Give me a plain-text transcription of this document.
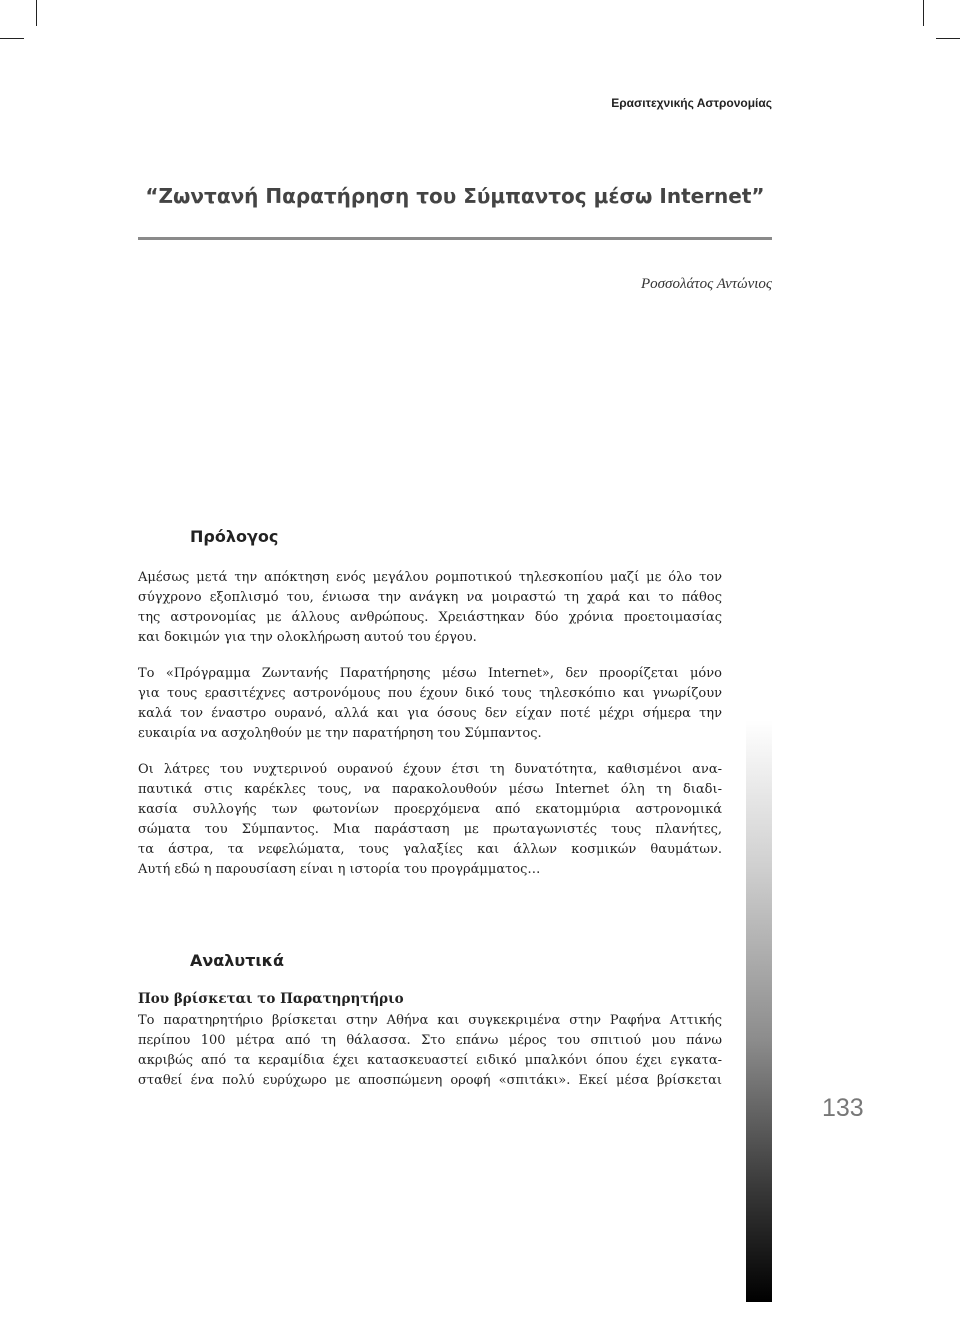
Ερασιτεχνικής Αστρονομίας
“Ζωντανή Παρατήρηση του Σύμπαντος μέσω Internet”
Ροσσολάτος Αντώνιος
Πρόλογος
Αμέσως μετά την απόκτηση ενός μεγάλου ρομποτικού τηλεσκοπίου μαζί με όλο τον
σύγχρονο εξοπλισμό του, ένιωσα την ανάγκη να μοιραστώ τη χαρά και το πάθος
της αστρονομίας με άλλους ανθρώπους. Χρειάστηκαν δύο χρόνια προετοιμασίας
και δοκιμών για την ολοκλήρωση αυτού του έργου.
Το «Πρόγραμμα Ζωντανής Παρατήρησης μέσω Internet», δεν προορίζεται μόνο
για τους ερασιτέχνες αστρονόμους που έχουν δικό τους τηλεσκόπιο και γνωρίζουν
καλά τον έναστρο ουρανό, αλλά και για όσους δεν είχαν ποτέ μέχρι σήμερα την
ευκαιρία να ασχοληθούν με την παρατήρηση του Σύμπαντος.
Οι λάτρες του νυχτερινού ουρανού έχουν έτσι τη δυνατότητα, καθισμένοι ανα-
παυτικά στις καρέκλες τους, να παρακολουθούν μέσω Internet όλη τη διαδι-
κασία συλλογής των φωτονίων προερχόμενα από εκατομμύρια αστρονομικά
σώματα του Σύμπαντος. Μια παράσταση με πρωταγωνιστές τους πλανήτες,
τα άστρα, τα νεφελώματα, τους γαλαξίες και άλλων κοσμικών θαυμάτων.
Αυτή εδώ η παρουσίαση είναι η ιστορία του προγράμματος…
Αναλυτικά
Που βρίσκεται το Παρατηρητήριο
Το παρατηρητήριο βρίσκεται στην Αθήνα και συγκεκριμένα στην Ραφήνα Αττικής
περίπου 100 μέτρα από τη θάλασσα. Στο επάνω μέρος του σπιτιού μου πάνω
ακριβώς από τα κεραμίδια έχει κατασκευαστεί ειδικό μπαλκόνι όπου έχει εγκατα-
σταθεί ένα πολύ ευρύχωρο με αποσπώμενη οροφή «σπιτάκι». Εκεί μέσα βρίσκεται
133
